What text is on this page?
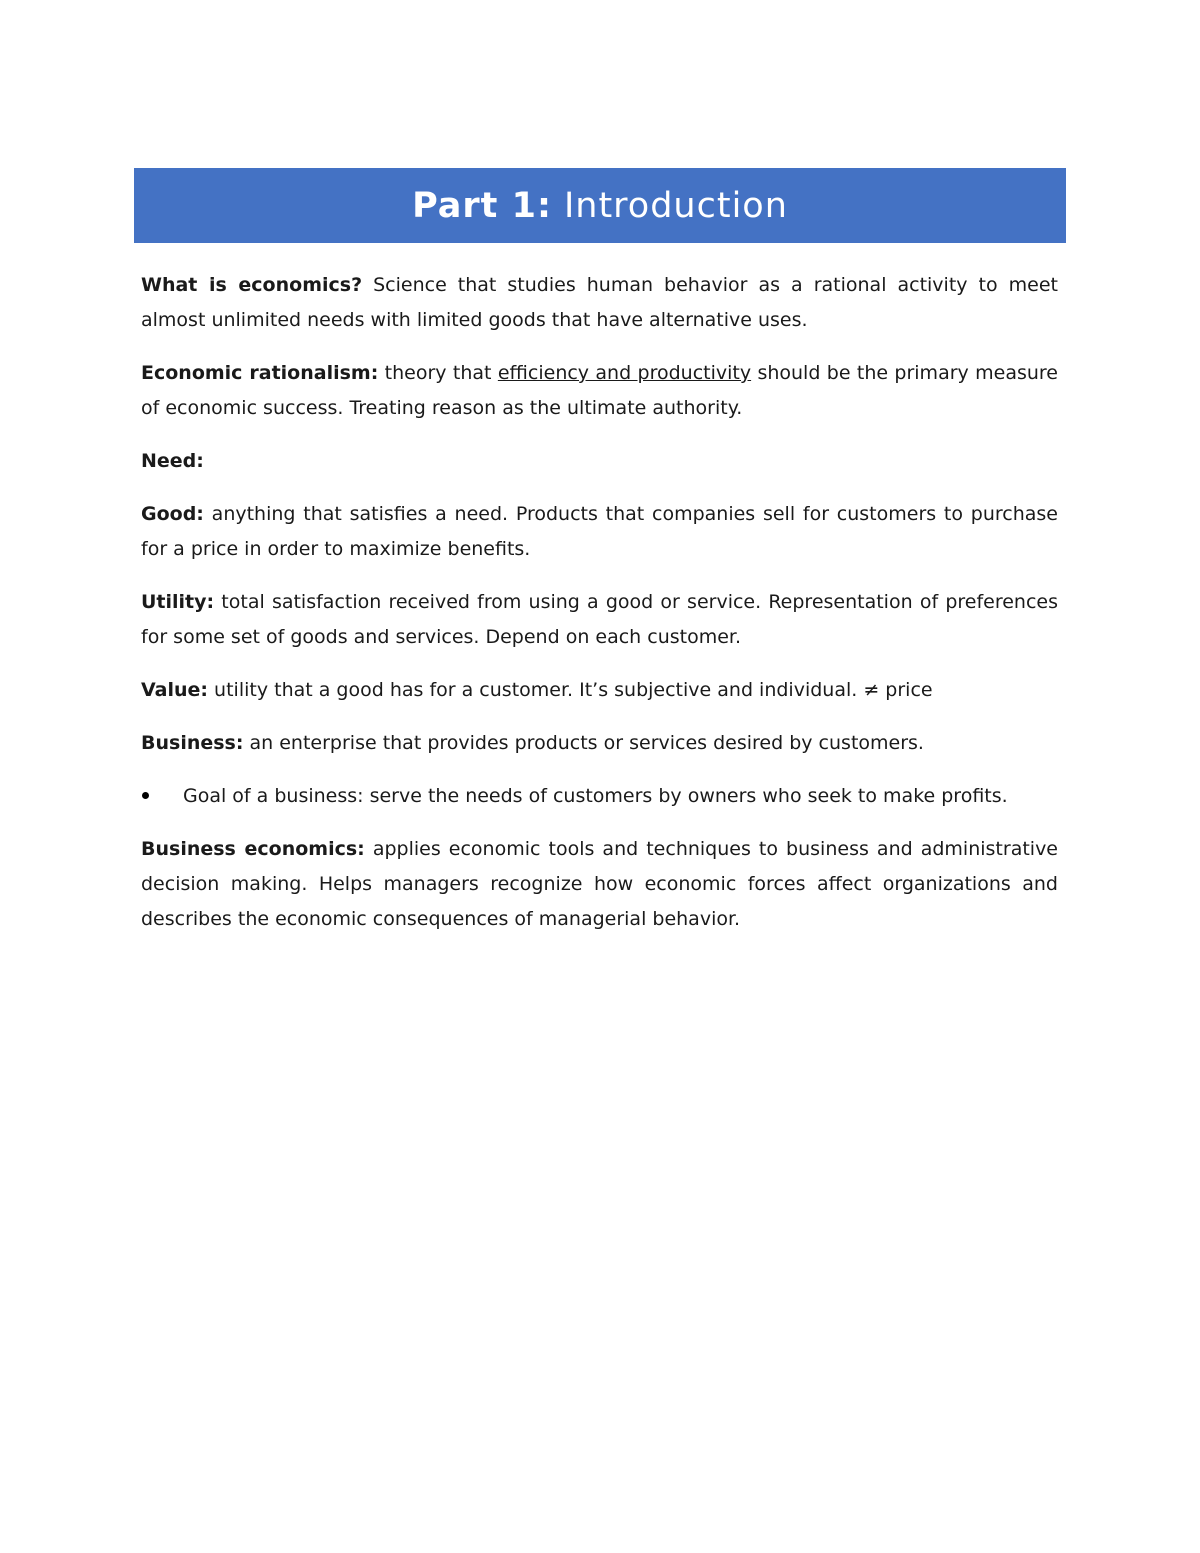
Part 1: Introduction

What is economics? Science that studies human behavior as a rational activity to meet almost unlimited needs with limited goods that have alternative uses.

Economic rationalism: theory that efficiency and productivity should be the primary measure of economic success. Treating reason as the ultimate authority.

Need:

Good: anything that satisfies a need. Products that companies sell for customers to purchase for a price in order to maximize benefits.

Utility: total satisfaction received from using a good or service. Representation of preferences for some set of goods and services. Depend on each customer.

Value: utility that a good has for a customer. It’s subjective and individual. ≠ price

Business: an enterprise that provides products or services desired by customers.

Goal of a business: serve the needs of customers by owners who seek to make profits.

Business economics: applies economic tools and techniques to business and administrative decision making. Helps managers recognize how economic forces affect organizations and describes the economic consequences of managerial behavior.
